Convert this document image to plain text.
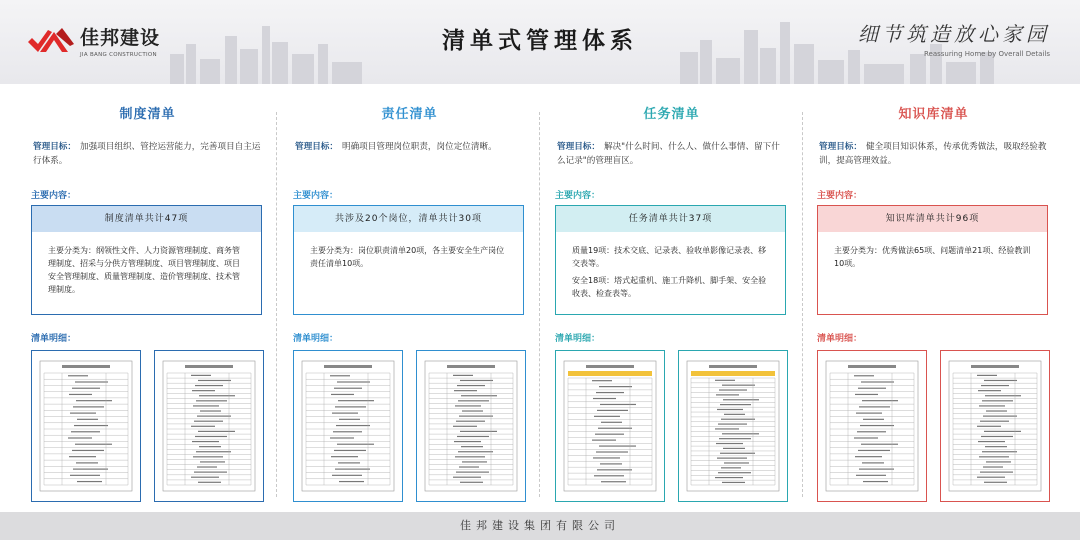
佳邦建设
JIA BANG CONSTRUCTION
清单式管理体系	细节筑造放心家园
Reassuring Home by Overall Details
制度清单
管理目标： 加强项目组织、管控运营能力，完善项目自主运行体系。
主要内容：
制度清单共计47项

主要分类为：纲领性文件、人力资源管理制度、商务管理制度、招采与分供方管理制度、项目管理制度、项目安全管理制度、质量管理制度、造价管理制度、技术管理制度。

清单明细：
责任清单
管理目标： 明确项目管理岗位职责，岗位定位清晰。
主要内容：
共涉及20个岗位，清单共计30项

主要分类为：岗位职责清单20项，各主要安全生产岗位责任清单10项。

清单明细：
任务清单
管理目标： 解决"什么时间、什么人、做什么事情、留下什么记录"的管理盲区。
主要内容：
任务清单共计37项

质量19项：技术交底、记录表、验收单影像记录表、移交表等。

安全18项：塔式起重机、施工升降机、脚手架、安全验收表、检查表等。

清单明细：
知识库清单
管理目标： 健全项目知识体系，传承优秀做法，吸取经验教训，提高管理效益。
主要内容：
知识库清单共计96项

主要分类为：优秀做法65项、问题清单21项、经验教训10项。

清单明细：
佳邦建设集团有限公司
